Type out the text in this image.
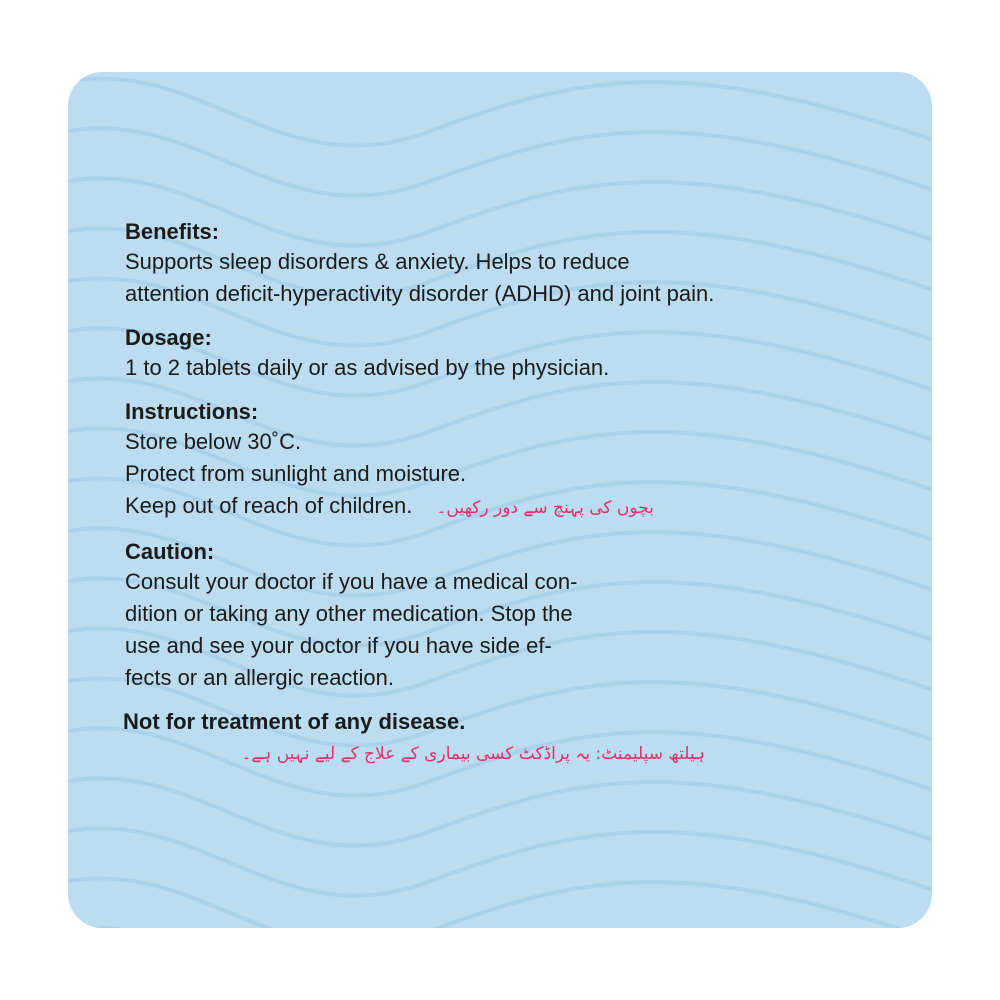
Benefits:
Supports sleep disorders & anxiety. Helps to reduce
attention deficit-hyperactivity disorder (ADHD) and joint pain.
Dosage:
1 to 2 tablets daily or as advised by the physician.
Instructions:
Store below 30˚C.
Protect from sunlight and moisture.
Keep out of reach of children. بچوں کی پہنچ سے دور رکھیں۔
Caution:
Consult your doctor if you have a medical con-
dition or taking any other medication. Stop the
use and see your doctor if you have side ef-
fects or an allergic reaction.
Not for treatment of any disease.
ہیلتھ سپلیمنٹ: یہ پراڈکٹ کسی بیماری کے علاج کے لیے نہیں ہے۔
